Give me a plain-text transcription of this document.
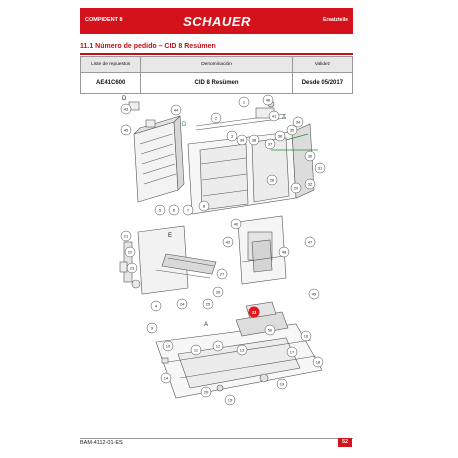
COMPIDENT 8	SCHAUER	Ersatzteile
11.1 Número de pedido – CID 8 Resúmen
Liste de repuestos	Denominación	Validez
AE41C600	CID 8 Resümen	Desde 05/2017
D
A
E
A
D
33
43	44
45
46
41
1
2
3
39 38
37
36
35
34
28
29
30
31
32
21
22
23
24	25
26
27
40
42	47
48
49
50
4
5	6	7
8
9
10
11
12
13
14
15
16
17
18
19
20
BAM-4112-01-ES	52
